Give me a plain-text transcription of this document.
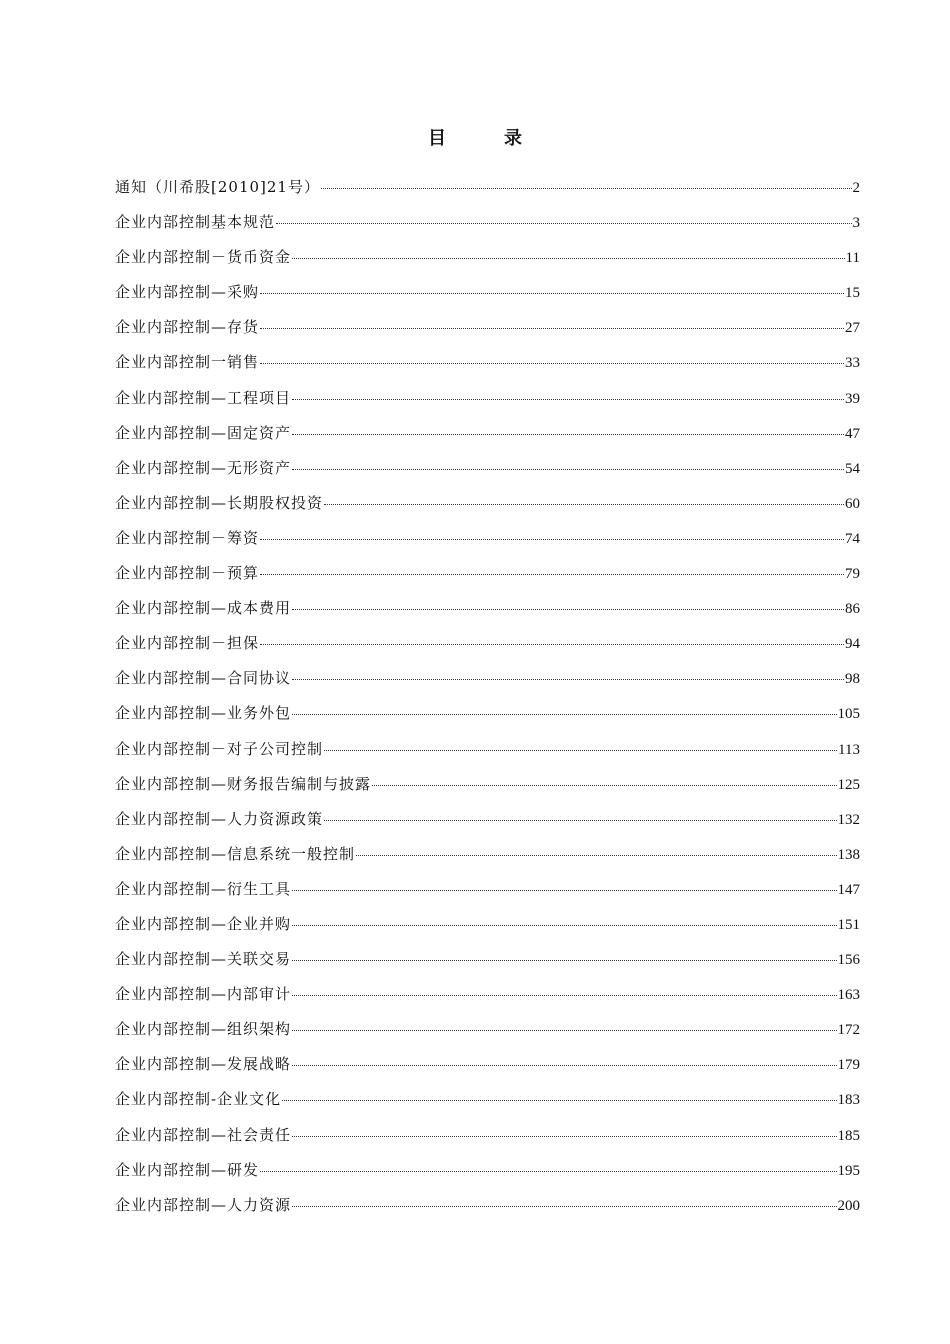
目录
通知（川希股[2010]21号）	2
企业内部控制基本规范	3
企业内部控制－货币资金	11
企业内部控制—采购	15
企业内部控制—存货	27
企业内部控制一销售	33
企业内部控制—工程项目	39
企业内部控制—固定资产	47
企业内部控制—无形资产	54
企业内部控制—长期股权投资	60
企业内部控制－筹资	74
企业内部控制－预算	79
企业内部控制—成本费用	86
企业内部控制－担保	94
企业内部控制—合同协议	98
企业内部控制—业务外包	105
企业内部控制－对子公司控制	113
企业内部控制—财务报告编制与披露	125
企业内部控制—人力资源政策	132
企业内部控制—信息系统一般控制	138
企业内部控制—衍生工具	147
企业内部控制—企业并购	151
企业内部控制—关联交易	156
企业内部控制—内部审计	163
企业内部控制—组织架构	172
企业内部控制—发展战略	179
企业内部控制-企业文化	183
企业内部控制—社会责任	185
企业内部控制—研发	195
企业内部控制—人力资源	200
